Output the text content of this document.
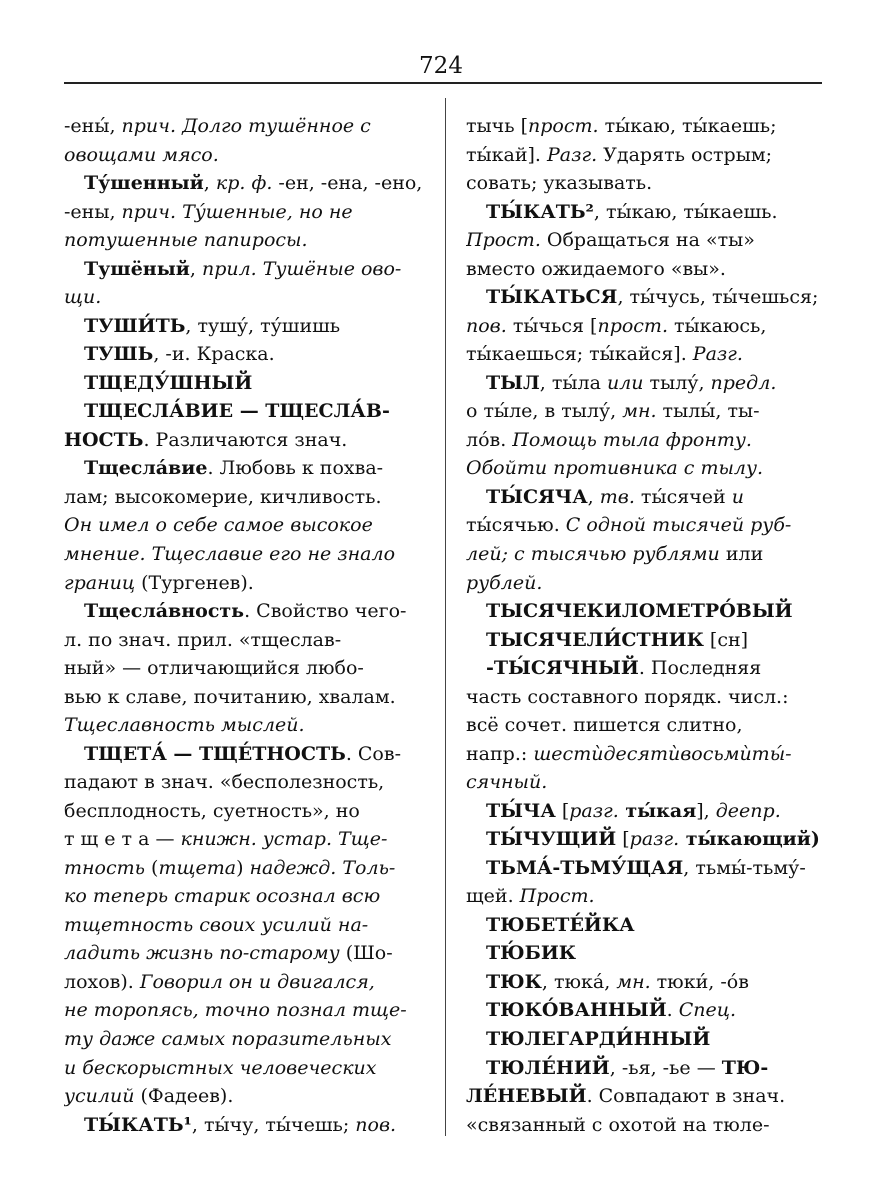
724
-ены́, прич. Долго тушённое с
овощами мясо.
Ту́шенный, кр. ф. -ен, -ена, -ено,
-ены, прич. Ту́шенные, но не
потушенные папиросы.
Тушёный, прил. Тушёные ово-
щи.
ТУШИ́ТЬ, тушу́, ту́шишь
ТУШЬ, -и. Краска.
ТЩЕДУ́ШНЫЙ
ТЩЕСЛА́ВИЕ — ТЩЕСЛА́В-
НОСТЬ. Различаются знач.
Тщесла́вие. Любовь к похва-
лам; высокомерие, кичливость.
Он имел о себе самое высокое
мнение. Тщеславие его не знало
границ (Тургенев).
Тщесла́вность. Свойство чего-
л. по знач. прил. «тщеслав-
ный» — отличающийся любо-
вью к славе, почитанию, хвалам.
Тщеславность мыслей.
ТЩЕТА́ — ТЩЕ́ТНОСТЬ. Сов-
падают в знач. «бесполезность,
бесплодность, суетность», но
т щ е т а — книжн. устар. Тще-
тность (тщета) надежд. Толь-
ко теперь старик осознал всю
тщетность своих усилий на-
ладить жизнь по-старому (Шо-
лохов). Говорил он и двигался,
не торопясь, точно познал тще-
ту даже самых поразительных
и бескорыстных человеческих
усилий (Фадеев).
ТЫ́КАТЬ¹, ты́чу, ты́чешь; пов.
тычь [прост. ты́каю, ты́каешь;
ты́кай]. Разг. Ударять острым;
совать; указывать.
ТЫ́КАТЬ², ты́каю, ты́каешь.
Прост. Обращаться на «ты»
вместо ожидаемого «вы».
ТЫ́КАТЬСЯ, ты́чусь, ты́чешься;
пов. ты́чься [прост. ты́каюсь,
ты́каешься; ты́кайся]. Разг.
ТЫЛ, ты́ла или тылу́, предл.
о ты́ле, в тылу́, мн. тылы́, ты-
ло́в. Помощь тыла фронту.
Обойти противника с тылу.
ТЫ́СЯЧА, тв. ты́сячей и
ты́сячью. С одной тысячей руб-
лей; с тысячью рублями или
рублей.
ТЫСЯЧЕКИЛОМЕТРО́ВЫЙ
ТЫСЯЧЕЛИ́СТНИК [сн]
-ТЫ́СЯЧНЫЙ. Последняя
часть составного порядк. числ.:
всё сочет. пишется слитно,
напр.: шестѝдесятѝвосьмѝты́-
сячный.
ТЫ́ЧА [разг. ты́кая], деепр.
ТЫ́ЧУЩИЙ [разг. ты́кающий)
ТЬМА́-ТЬМУ́ЩАЯ, тьмы́-тьму́-
щей. Прост.
ТЮБЕТЕ́ЙКА
ТЮ́БИК
ТЮК, тюка́, мн. тюки́, -о́в
ТЮКО́ВАННЫЙ. Спец.
ТЮЛЕГАРДИ́ННЫЙ
ТЮЛЕ́НИЙ, -ья, -ье — ТЮ-
ЛЕ́НЕВЫЙ. Совпадают в знач.
«связанный с охотой на тюле-
